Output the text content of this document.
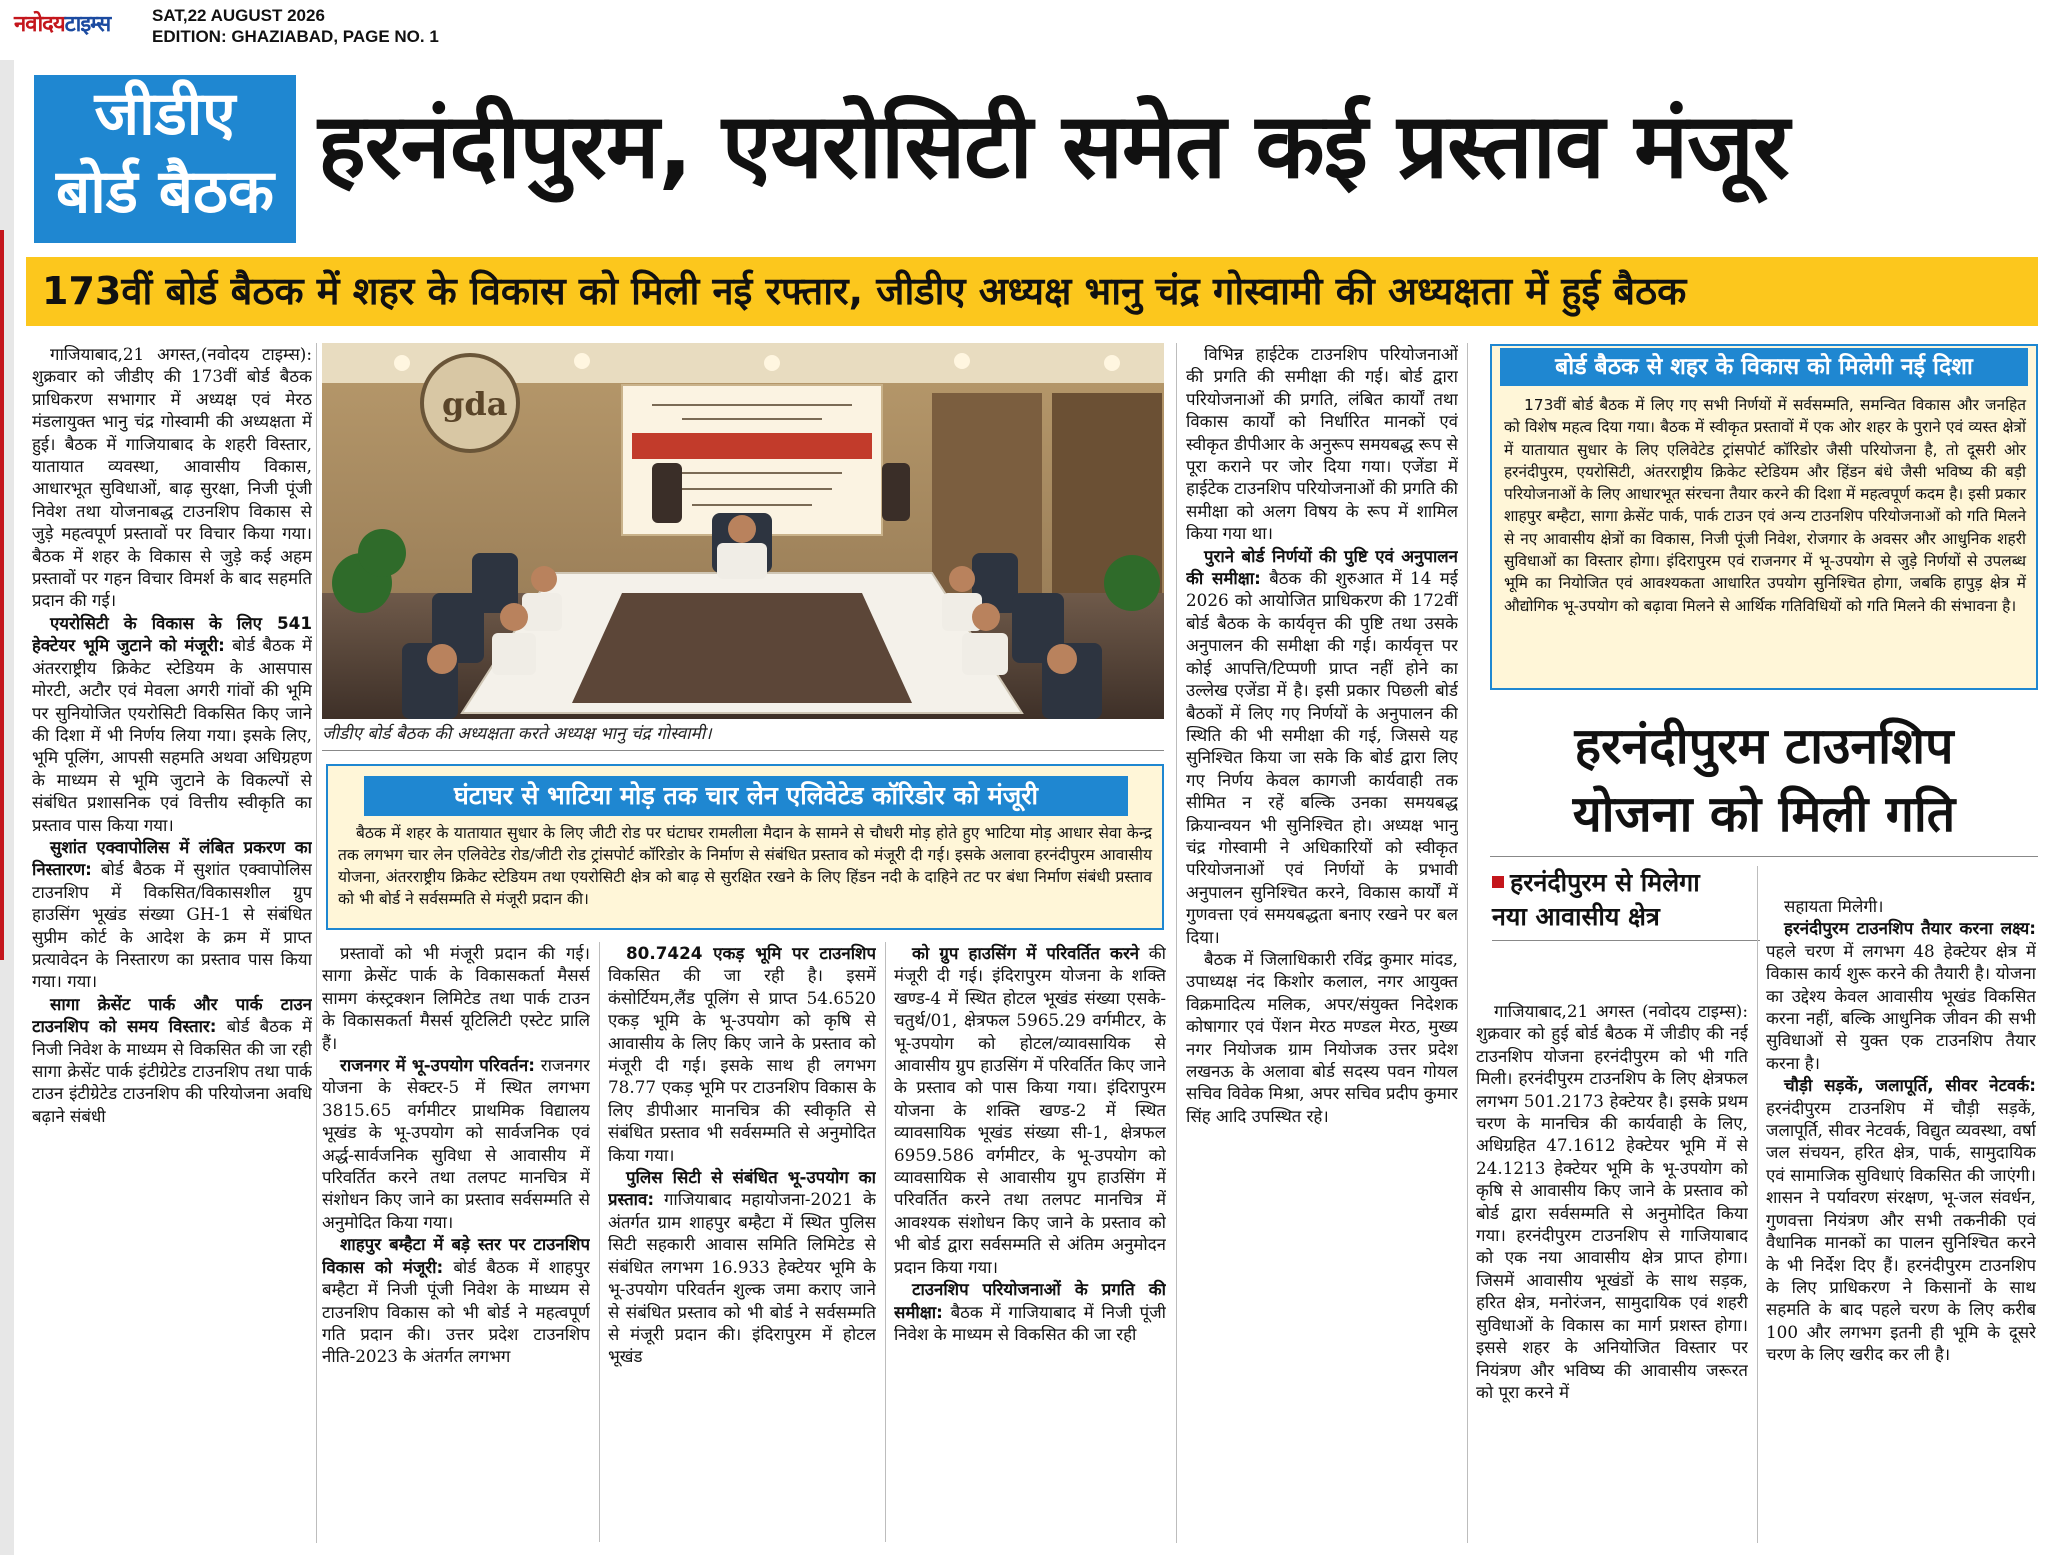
नवोदयटाइम्स SAT,22 AUGUST 2026
EDITION: GHAZIABAD, PAGE NO. 1
जीडीए
बोर्ड बैठक हरनंदीपुरम, एयरोसिटी समेत कई प्रस्ताव मंजूर
173वीं बोर्ड बैठक में शहर के विकास को मिली नई रफ्तार, जीडीए अध्यक्ष भानु चंद्र गोस्वामी की अध्यक्षता में हुई बैठक

गाजियाबाद,21 अगस्त,(नवोदय टाइम्स): शुक्रवार को जीडीए की 173वीं बोर्ड बैठक प्राधिकरण सभागार में अध्यक्ष एवं मेरठ मंडलायुक्त भानु चंद्र गोस्वामी की अध्यक्षता में हुई। बैठक में गाजियाबाद के शहरी विस्तार, यातायात व्यवस्था, आवासीय विकास, आधारभूत सुविधाओं, बाढ़ सुरक्षा, निजी पूंजी निवेश तथा योजनाबद्ध टाउनशिप विकास से जुड़े महत्वपूर्ण प्रस्तावों पर विचार किया गया। बैठक में शहर के विकास से जुड़े कई अहम प्रस्तावों पर गहन विचार विमर्श के बाद सहमति प्रदान की गई।

एयरोसिटी के विकास के लिए 541 हेक्टेयर भूमि जुटाने को मंजूरी: बोर्ड बैठक में अंतरराष्ट्रीय क्रिकेट स्टेडियम के आसपास मोरटी, अटौर एवं मेवला अगरी गांवों की भूमि पर सुनियोजित एयरोसिटी विकसित किए जाने की दिशा में भी निर्णय लिया गया। इसके लिए, भूमि पूलिंग, आपसी सहमति अथवा अधिग्रहण के माध्यम से भूमि जुटाने के विकल्पों से संबंधित प्रशासनिक एवं वित्तीय स्वीकृति का प्रस्ताव पास किया गया।

सुशांत एक्वापोलिस में लंबित प्रकरण का निस्तारण: बोर्ड बैठक में सुशांत एक्वापोलिस टाउनशिप में विकसित/विकासशील ग्रुप हाउसिंग भूखंड संख्या GH-1 से संबंधित सुप्रीम कोर्ट के आदेश के क्रम में प्राप्त प्रत्यावेदन के निस्तारण का प्रस्ताव पास किया गया। गया।

सागा क्रेसेंट पार्क और पार्क टाउन टाउनशिप को समय विस्तार: बोर्ड बैठक में निजी निवेश के माध्यम से विकसित की जा रही सागा क्रेसेंट पार्क इंटीग्रेटेड टाउनशिप तथा पार्क टाउन इंटीग्रेटेड टाउनशिप की परियोजना अवधि बढ़ाने संबंधी

gda
जीडीए बोर्ड बैठक की अध्यक्षता करते अध्यक्ष भानु चंद्र गोस्वामी।
घंटाघर से भाटिया मोड़ तक चार लेन एलिवेटेड कॉरिडोर को मंजूरी
बैठक में शहर के यातायात सुधार के लिए जीटी रोड पर घंटाघर रामलीला मैदान के सामने से चौधरी मोड़ होते हुए भाटिया मोड़ आधार सेवा केन्द्र तक लगभग चार लेन एलिवेटेड रोड/जीटी रोड ट्रांसपोर्ट कॉरिडोर के निर्माण से संबंधित प्रस्ताव को मंजूरी दी गई। इसके अलावा हरनंदीपुरम आवासीय योजना, अंतरराष्ट्रीय क्रिकेट स्टेडियम तथा एयरोसिटी क्षेत्र को बाढ़ से सुरक्षित रखने के लिए हिंडन नदी के दाहिने तट पर बंधा निर्माण संबंधी प्रस्ताव को भी बोर्ड ने सर्वसम्मति से मंजूरी प्रदान की।

प्रस्तावों को भी मंजूरी प्रदान की गई। सागा क्रेसेंट पार्क के विकासकर्ता मैसर्स सामग कंस्ट्रक्शन लिमिटेड तथा पार्क टाउन के विकासकर्ता मैसर्स यूटिलिटी एस्टेट प्रालि हैं।

राजनगर में भू-उपयोग परिवर्तन: राजनगर योजना के सेक्टर-5 में स्थित लगभग 3815.65 वर्गमीटर प्राथमिक विद्यालय भूखंड के भू-उपयोग को सार्वजनिक एवं अर्द्ध-सार्वजनिक सुविधा से आवासीय में परिवर्तित करने तथा तलपट मानचित्र में संशोधन किए जाने का प्रस्ताव सर्वसम्मति से अनुमोदित किया गया।

शाहपुर बम्हैटा में बड़े स्तर पर टाउनशिप विकास को मंजूरी: बोर्ड बैठक में शाहपुर बम्हैटा में निजी पूंजी निवेश के माध्यम से टाउनशिप विकास को भी बोर्ड ने महत्वपूर्ण गति प्रदान की। उत्तर प्रदेश टाउनशिप नीति-2023 के अंतर्गत लगभग

80.7424 एकड़ भूमि पर टाउनशिप विकसित की जा रही है। इसमें कंसोर्टियम,लैंड पूलिंग से प्राप्त 54.6520 एकड़ भूमि के भू-उपयोग को कृषि से आवासीय के लिए किए जाने के प्रस्ताव को मंजूरी दी गई। इसके साथ ही लगभग 78.77 एकड़ भूमि पर टाउनशिप विकास के लिए डीपीआर मानचित्र की स्वीकृति से संबंधित प्रस्ताव भी सर्वसम्मति से अनुमोदित किया गया।

पुलिस सिटी से संबंधित भू-उपयोग का प्रस्ताव: गाजियाबाद महायोजना-2021 के अंतर्गत ग्राम शाहपुर बम्हैटा में स्थित पुलिस सिटी सहकारी आवास समिति लिमिटेड से संबंधित लगभग 16.933 हेक्टेयर भूमि के भू-उपयोग परिवर्तन शुल्क जमा कराए जाने से संबंधित प्रस्ताव को भी बोर्ड ने सर्वसम्मति से मंजूरी प्रदान की। इंदिरापुरम में होटल भूखंड

को ग्रुप हाउसिंग में परिवर्तित करने की मंजूरी दी गई। इंदिरापुरम योजना के शक्ति खण्ड-4 में स्थित होटल भूखंड संख्या एसके-चतुर्थ/01, क्षेत्रफल 5965.29 वर्गमीटर, के भू-उपयोग को होटल/व्यावसायिक से आवासीय ग्रुप हाउसिंग में परिवर्तित किए जाने के प्रस्ताव को पास किया गया। इंदिरापुरम योजना के शक्ति खण्ड-2 में स्थित व्यावसायिक भूखंड संख्या सी-1, क्षेत्रफल 6959.586 वर्गमीटर, के भू-उपयोग को व्यावसायिक से आवासीय ग्रुप हाउसिंग में परिवर्तित करने तथा तलपट मानचित्र में आवश्यक संशोधन किए जाने के प्रस्ताव को भी बोर्ड द्वारा सर्वसम्मति से अंतिम अनुमोदन प्रदान किया गया।

टाउनशिप परियोजनाओं के प्रगति की समीक्षा: बैठक में गाजियाबाद में निजी पूंजी निवेश के माध्यम से विकसित की जा रही

विभिन्न हाईटेक टाउनशिप परियोजनाओं की प्रगति की समीक्षा की गई। बोर्ड द्वारा परियोजनाओं की प्रगति, लंबित कार्यों तथा विकास कार्यों को निर्धारित मानकों एवं स्वीकृत डीपीआर के अनुरूप समयबद्ध रूप से पूरा कराने पर जोर दिया गया। एजेंडा में हाईटेक टाउनशिप परियोजनाओं की प्रगति की समीक्षा को अलग विषय के रूप में शामिल किया गया था।

पुराने बोर्ड निर्णयों की पुष्टि एवं अनुपालन की समीक्षा: बैठक की शुरुआत में 14 मई 2026 को आयोजित प्राधिकरण की 172वीं बोर्ड बैठक के कार्यवृत्त की पुष्टि तथा उसके अनुपालन की समीक्षा की गई। कार्यवृत्त पर कोई आपत्ति/टिप्पणी प्राप्त नहीं होने का उल्लेख एजेंडा में है। इसी प्रकार पिछली बोर्ड बैठकों में लिए गए निर्णयों के अनुपालन की स्थिति की भी समीक्षा की गई, जिससे यह सुनिश्चित किया जा सके कि बोर्ड द्वारा लिए गए निर्णय केवल कागजी कार्यवाही तक सीमित न रहें बल्कि उनका समयबद्ध क्रियान्वयन भी सुनिश्चित हो। अध्यक्ष भानु चंद्र गोस्वामी ने अधिकारियों को स्वीकृत परियोजनाओं एवं निर्णयों के प्रभावी अनुपालन सुनिश्चित करने, विकास कार्यों में गुणवत्ता एवं समयबद्धता बनाए रखने पर बल दिया।

बैठक में जिलाधिकारी रविंद्र कुमार मांदड, उपाध्यक्ष नंद किशोर कलाल, नगर आयुक्त विक्रमादित्य मलिक, अपर/संयुक्त निदेशक कोषागार एवं पेंशन मेरठ मण्डल मेरठ, मुख्य नगर नियोजक ग्राम नियोजक उत्तर प्रदेश लखनऊ के अलावा बोर्ड सदस्य पवन गोयल सचिव विवेक मिश्रा, अपर सचिव प्रदीप कुमार सिंह आदि उपस्थित रहे।

बोर्ड बैठक से शहर के विकास को मिलेगी नई दिशा
173वीं बोर्ड बैठक में लिए गए सभी निर्णयों में सर्वसम्मति, समन्वित विकास और जनहित को विशेष महत्व दिया गया। बैठक में स्वीकृत प्रस्तावों में एक ओर शहर के पुराने एवं व्यस्त क्षेत्रों में यातायात सुधार के लिए एलिवेटेड ट्रांसपोर्ट कॉरिडोर जैसी परियोजना है, तो दूसरी ओर हरनंदीपुरम, एयरोसिटी, अंतरराष्ट्रीय क्रिकेट स्टेडियम और हिंडन बंधे जैसी भविष्य की बड़ी परियोजनाओं के लिए आधारभूत संरचना तैयार करने की दिशा में महत्वपूर्ण कदम है। इसी प्रकार शाहपुर बम्हैटा, सागा क्रेसेंट पार्क, पार्क टाउन एवं अन्य टाउनशिप परियोजनाओं को गति मिलने से नए आवासीय क्षेत्रों का विकास, निजी पूंजी निवेश, रोजगार के अवसर और आधुनिक शहरी सुविधाओं का विस्तार होगा। इंदिरापुरम एवं राजनगर में भू-उपयोग से जुड़े निर्णयों से उपलब्ध भूमि का नियोजित एवं आवश्यकता आधारित उपयोग सुनिश्चित होगा, जबकि हापुड़ क्षेत्र में औद्योगिक भू-उपयोग को बढ़ावा मिलने से आर्थिक गतिविधियों को गति मिलने की संभावना है।
हरनंदीपुरम टाउनशिप
योजना को मिली गति
हरनंदीपुरम से मिलेगा
नया आवासीय क्षेत्र

गाजियाबाद,21 अगस्त (नवोदय टाइम्स): शुक्रवार को हुई बोर्ड बैठक में जीडीए की नई टाउनशिप योजना हरनंदीपुरम को भी गति मिली। हरनंदीपुरम टाउनशिप के लिए क्षेत्रफल लगभग 501.2173 हेक्टेयर है। इसके प्रथम चरण के मानचित्र की कार्यवाही के लिए, अधिग्रहित 47.1612 हेक्टेयर भूमि में से 24.1213 हेक्टेयर भूमि के भू-उपयोग को कृषि से आवासीय किए जाने के प्रस्ताव को बोर्ड द्वारा सर्वसम्मति से अनुमोदित किया गया। हरनंदीपुरम टाउनशिप से गाजियाबाद को एक नया आवासीय क्षेत्र प्राप्त होगा। जिसमें आवासीय भूखंडों के साथ सड़क, हरित क्षेत्र, मनोरंजन, सामुदायिक एवं शहरी सुविधाओं के विकास का मार्ग प्रशस्त होगा। इससे शहर के अनियोजित विस्तार पर नियंत्रण और भविष्य की आवासीय जरूरत को पूरा करने में

सहायता मिलेगी।

हरनंदीपुरम टाउनशिप तैयार करना लक्ष्य: पहले चरण में लगभग 48 हेक्टेयर क्षेत्र में विकास कार्य शुरू करने की तैयारी है। योजना का उद्देश्य केवल आवासीय भूखंड विकसित करना नहीं, बल्कि आधुनिक जीवन की सभी सुविधाओं से युक्त एक टाउनशिप तैयार करना है।

चौड़ी सड़कें, जलापूर्ति, सीवर नेटवर्क: हरनंदीपुरम टाउनशिप में चौड़ी सड़कें, जलापूर्ति, सीवर नेटवर्क, विद्युत व्यवस्था, वर्षा जल संचयन, हरित क्षेत्र, पार्क, सामुदायिक एवं सामाजिक सुविधाएं विकसित की जाएंगी। शासन ने पर्यावरण संरक्षण, भू-जल संवर्धन, गुणवत्ता नियंत्रण और सभी तकनीकी एवं वैधानिक मानकों का पालन सुनिश्चित करने के भी निर्देश दिए हैं। हरनंदीपुरम टाउनशिप के लिए प्राधिकरण ने किसानों के साथ सहमति के बाद पहले चरण के लिए करीब 100 और लगभग इतनी ही भूमि के दूसरे चरण के लिए खरीद कर ली है।
